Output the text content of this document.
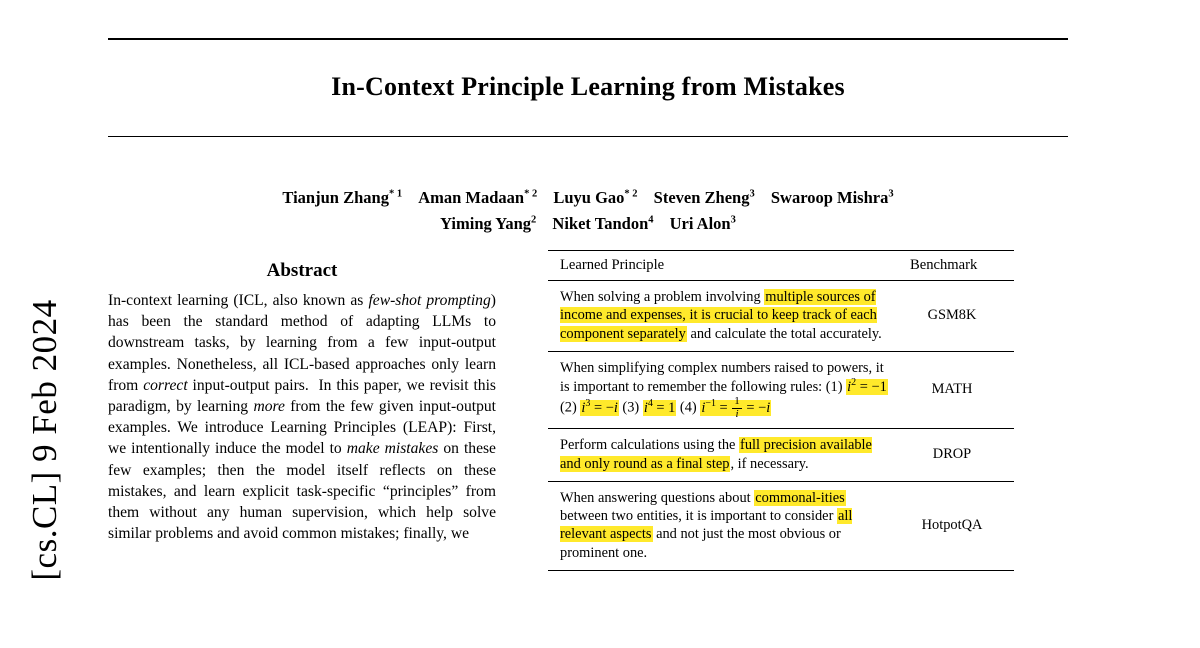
[cs.CL] 9 Feb 2024
In-Context Principle Learning from Mistakes
Tianjun Zhang$^{* 1}$ Aman Madaan$^{* 2}$ Luyu Gao$^{* 2}$ Steven Zheng$^3$ Swaroop Mishra$^3$
Yiming Yang$^2$ Niket Tandon$^4$ Uri Alon$^3$
Abstract
In-context learning (ICL, also known as few-shot prompting) has been the standard method of adapting LLMs to downstream tasks, by learning from a few input-output examples. Nonetheless, all ICL-based approaches only learn from correct input-output pairs.  In this paper, we revisit this paradigm, by learning more from the few given input-output examples. We introduce Learning Principles (LEAP): First, we intentionally induce the model to make mistakes on these few examples; then the model itself reflects on these mistakes, and learn explicit task-specific “principles” from them without any human supervision, which help solve similar problems and avoid common mistakes; finally, we
Learned Principle	Benchmark
When solving a problem involving multiple sources of income and expenses, it is crucial to keep track of each component separately and calculate the total accurately.	GSM8K
When simplifying complex numbers raised to powers, it is important to remember the following rules: (1) $i^2 = -1$ (2) $i^3 = -i$ (3) $i^4 = 1$ (4) $i^{-1} = \frac{1}{i} = -i$	MATH
Perform calculations using the full precision available and only round as a final step, if necessary.	DROP
When answering questions about commonal-ities between two entities, it is important to consider all relevant aspects and not just the most obvious or prominent one.	HotpotQA
